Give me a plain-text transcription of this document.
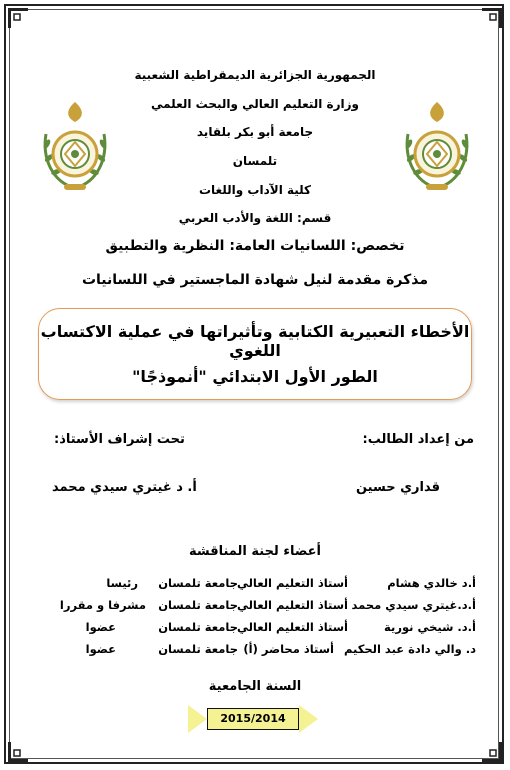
الجمهورية الجزائرية الديمقراطية الشعبية
وزارة التعليم العالي والبحث العلمي
جامعة أبو بكر بلقايد
تلمسان
كلية الآداب واللغات
قسم: اللغة والأدب العربي
تخصص: اللسانيات العامة: النظرية والتطبيق
مذكرة مقدمة لنيل شهادة الماجستير في اللسانيات
الأخطاء التعبيرية الكتابية وتأثيراتها في عملية الاكتساب اللغوي
الطور الأول الابتدائي "أنموذجًا"
من إعداد الطالب:
تحت إشراف الأستاذ:
قداري حسين
أ. د غيتري سيدي محمد
أعضاء لجنة المناقشة
أ.د خالدي هشام
أستاذ التعليم العالي
جامعة تلمسان
رئيسا
أ.د.غيتري سيدي محمد
أستاذ التعليم العالي
جامعة تلمسان
مشرفا و مقررا
أ.د. شيخي نورية
أستاذ التعليم العالي
جامعة تلمسان
عضوا
د. والي دادة عبد الحكيم
أستاذ محاضر (أ)
جامعة تلمسان
عضوا
السنة الجامعية
2015/2014
